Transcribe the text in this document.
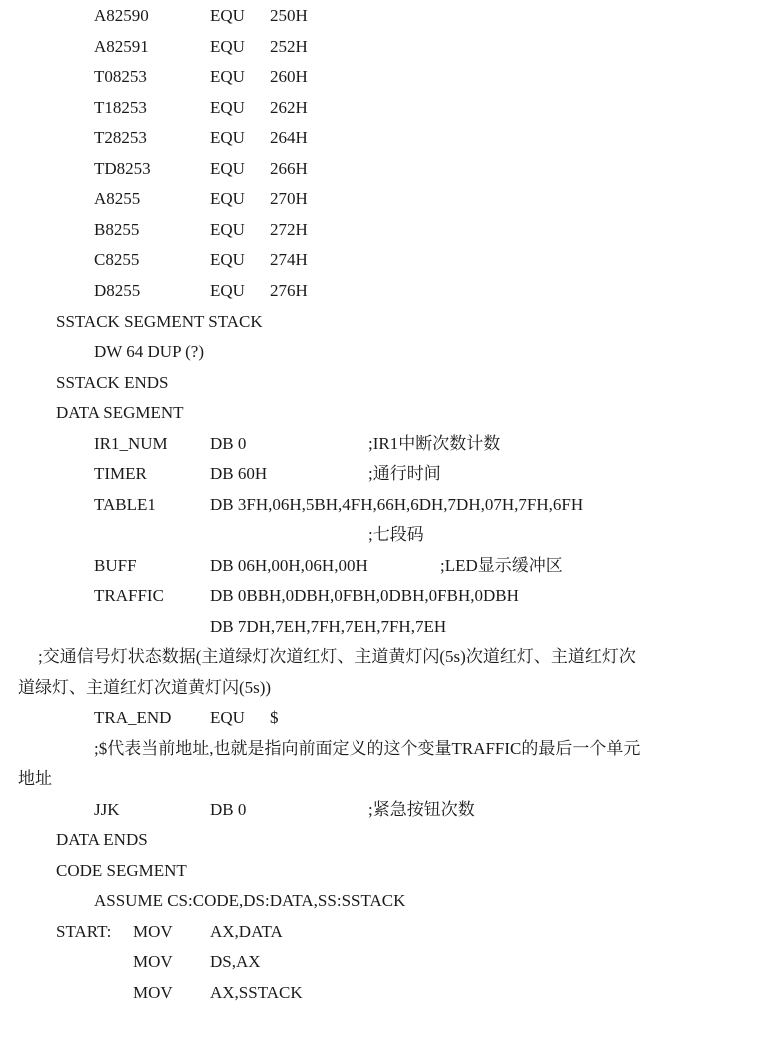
A82590	EQU 250H
A82591	EQU 252H
T08253	EQU 260H
T18253	EQU 262H
T28253	EQU 264H
TD8253	EQU 266H
A8255	EQU 270H
B8255	EQU 272H
C8255	EQU 274H
D8255	EQU 276H
SSTACK SEGMENT STACK
DW 64 DUP (?)
SSTACK ENDS
DATA SEGMENT
IR1_NUM DB 0	;IR1中断次数计数
TIMER	DB 60H	;通行时间
TABLE1	DB 3FH,06H,5BH,4FH,66H,6DH,7DH,07H,7FH,6FH
;七段码
BUFF	DB 06H,00H,06H,00H	;LED显示缓冲区
TRAFFIC	DB 0BBH,0DBH,0FBH,0DBH,0FBH,0DBH
DB 7DH,7EH,7FH,7EH,7FH,7EH
;交通信号灯状态数据(主道绿灯次道红灯、主道黄灯闪(5s)次道红灯、主道红灯次
道绿灯、主道红灯次道黄灯闪(5s))
TRA_END EQU $
;$代表当前地址,也就是指向前面定义的这个变量TRAFFIC的最后一个单元
地址
JJK	DB 0	;紧急按钮次数
DATA ENDS
CODE SEGMENT
ASSUME CS:CODE,DS:DATA,SS:SSTACK
START: MOV AX,DATA
MOV DS,AX
MOV AX,SSTACK
